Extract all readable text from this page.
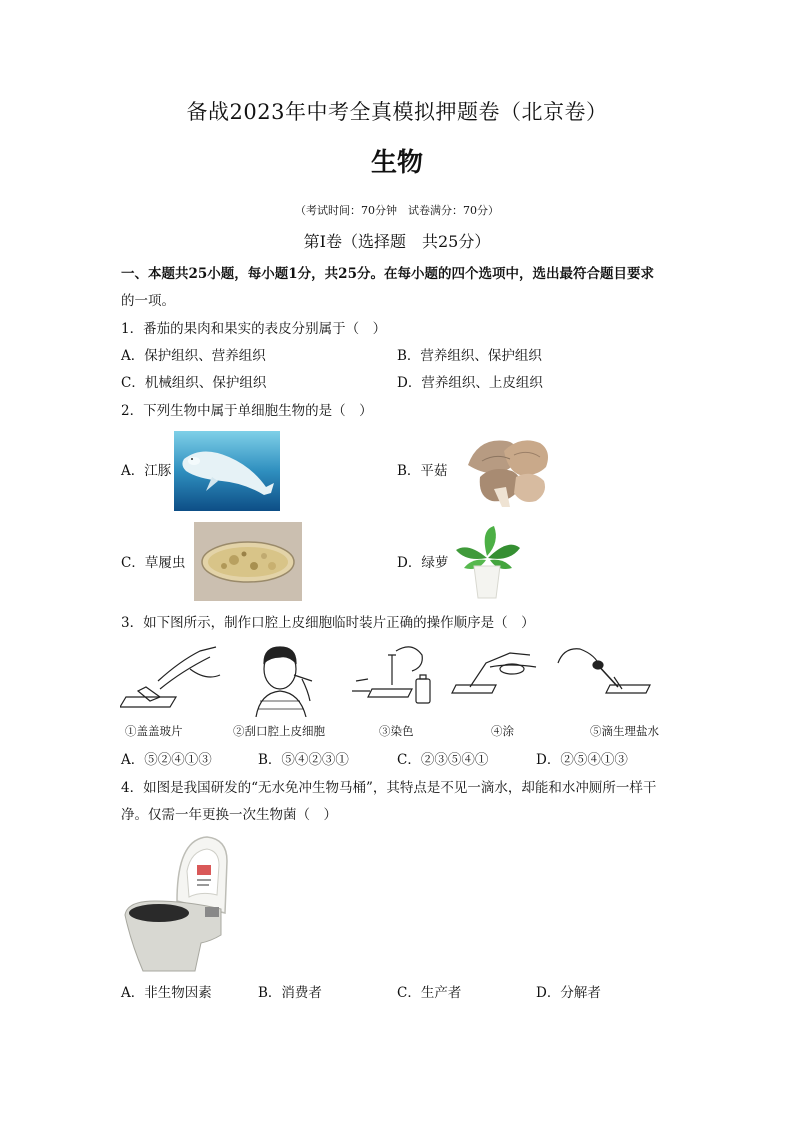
备战2023年中考全真模拟押题卷（北京卷）
生物
（考试时间：70分钟　试卷满分：70分）
第Ⅰ卷（选择题　共25分）
一、本题共25小题，每小题1分，共25分。在每小题的四个选项中，选出最符合题目要求
的一项。
1．番茄的果肉和果实的表皮分别属于（　）
A．保护组织、营养组织	B．营养组织、保护组织
C．机械组织、保护组织	D．营养组织、上皮组织
2．下列生物中属于单细胞生物的是（　）
A．江豚	B．平菇
C．草履虫	D．绿萝
3．如下图所示，制作口腔上皮细胞临时装片正确的操作顺序是（　）
①盖盖玻片	②刮口腔上皮细胞	③染色	④涂	⑤滴生理盐水
A．⑤②④①③	B．⑤④②③①	C．②③⑤④①	D．②⑤④①③
4．如图是我国研发的“无水免冲生物马桶”，其特点是不见一滴水，却能和水冲厕所一样干
净。仅需一年更换一次生物菌（　）
A．非生物因素	B．消费者	C．生产者	D．分解者
